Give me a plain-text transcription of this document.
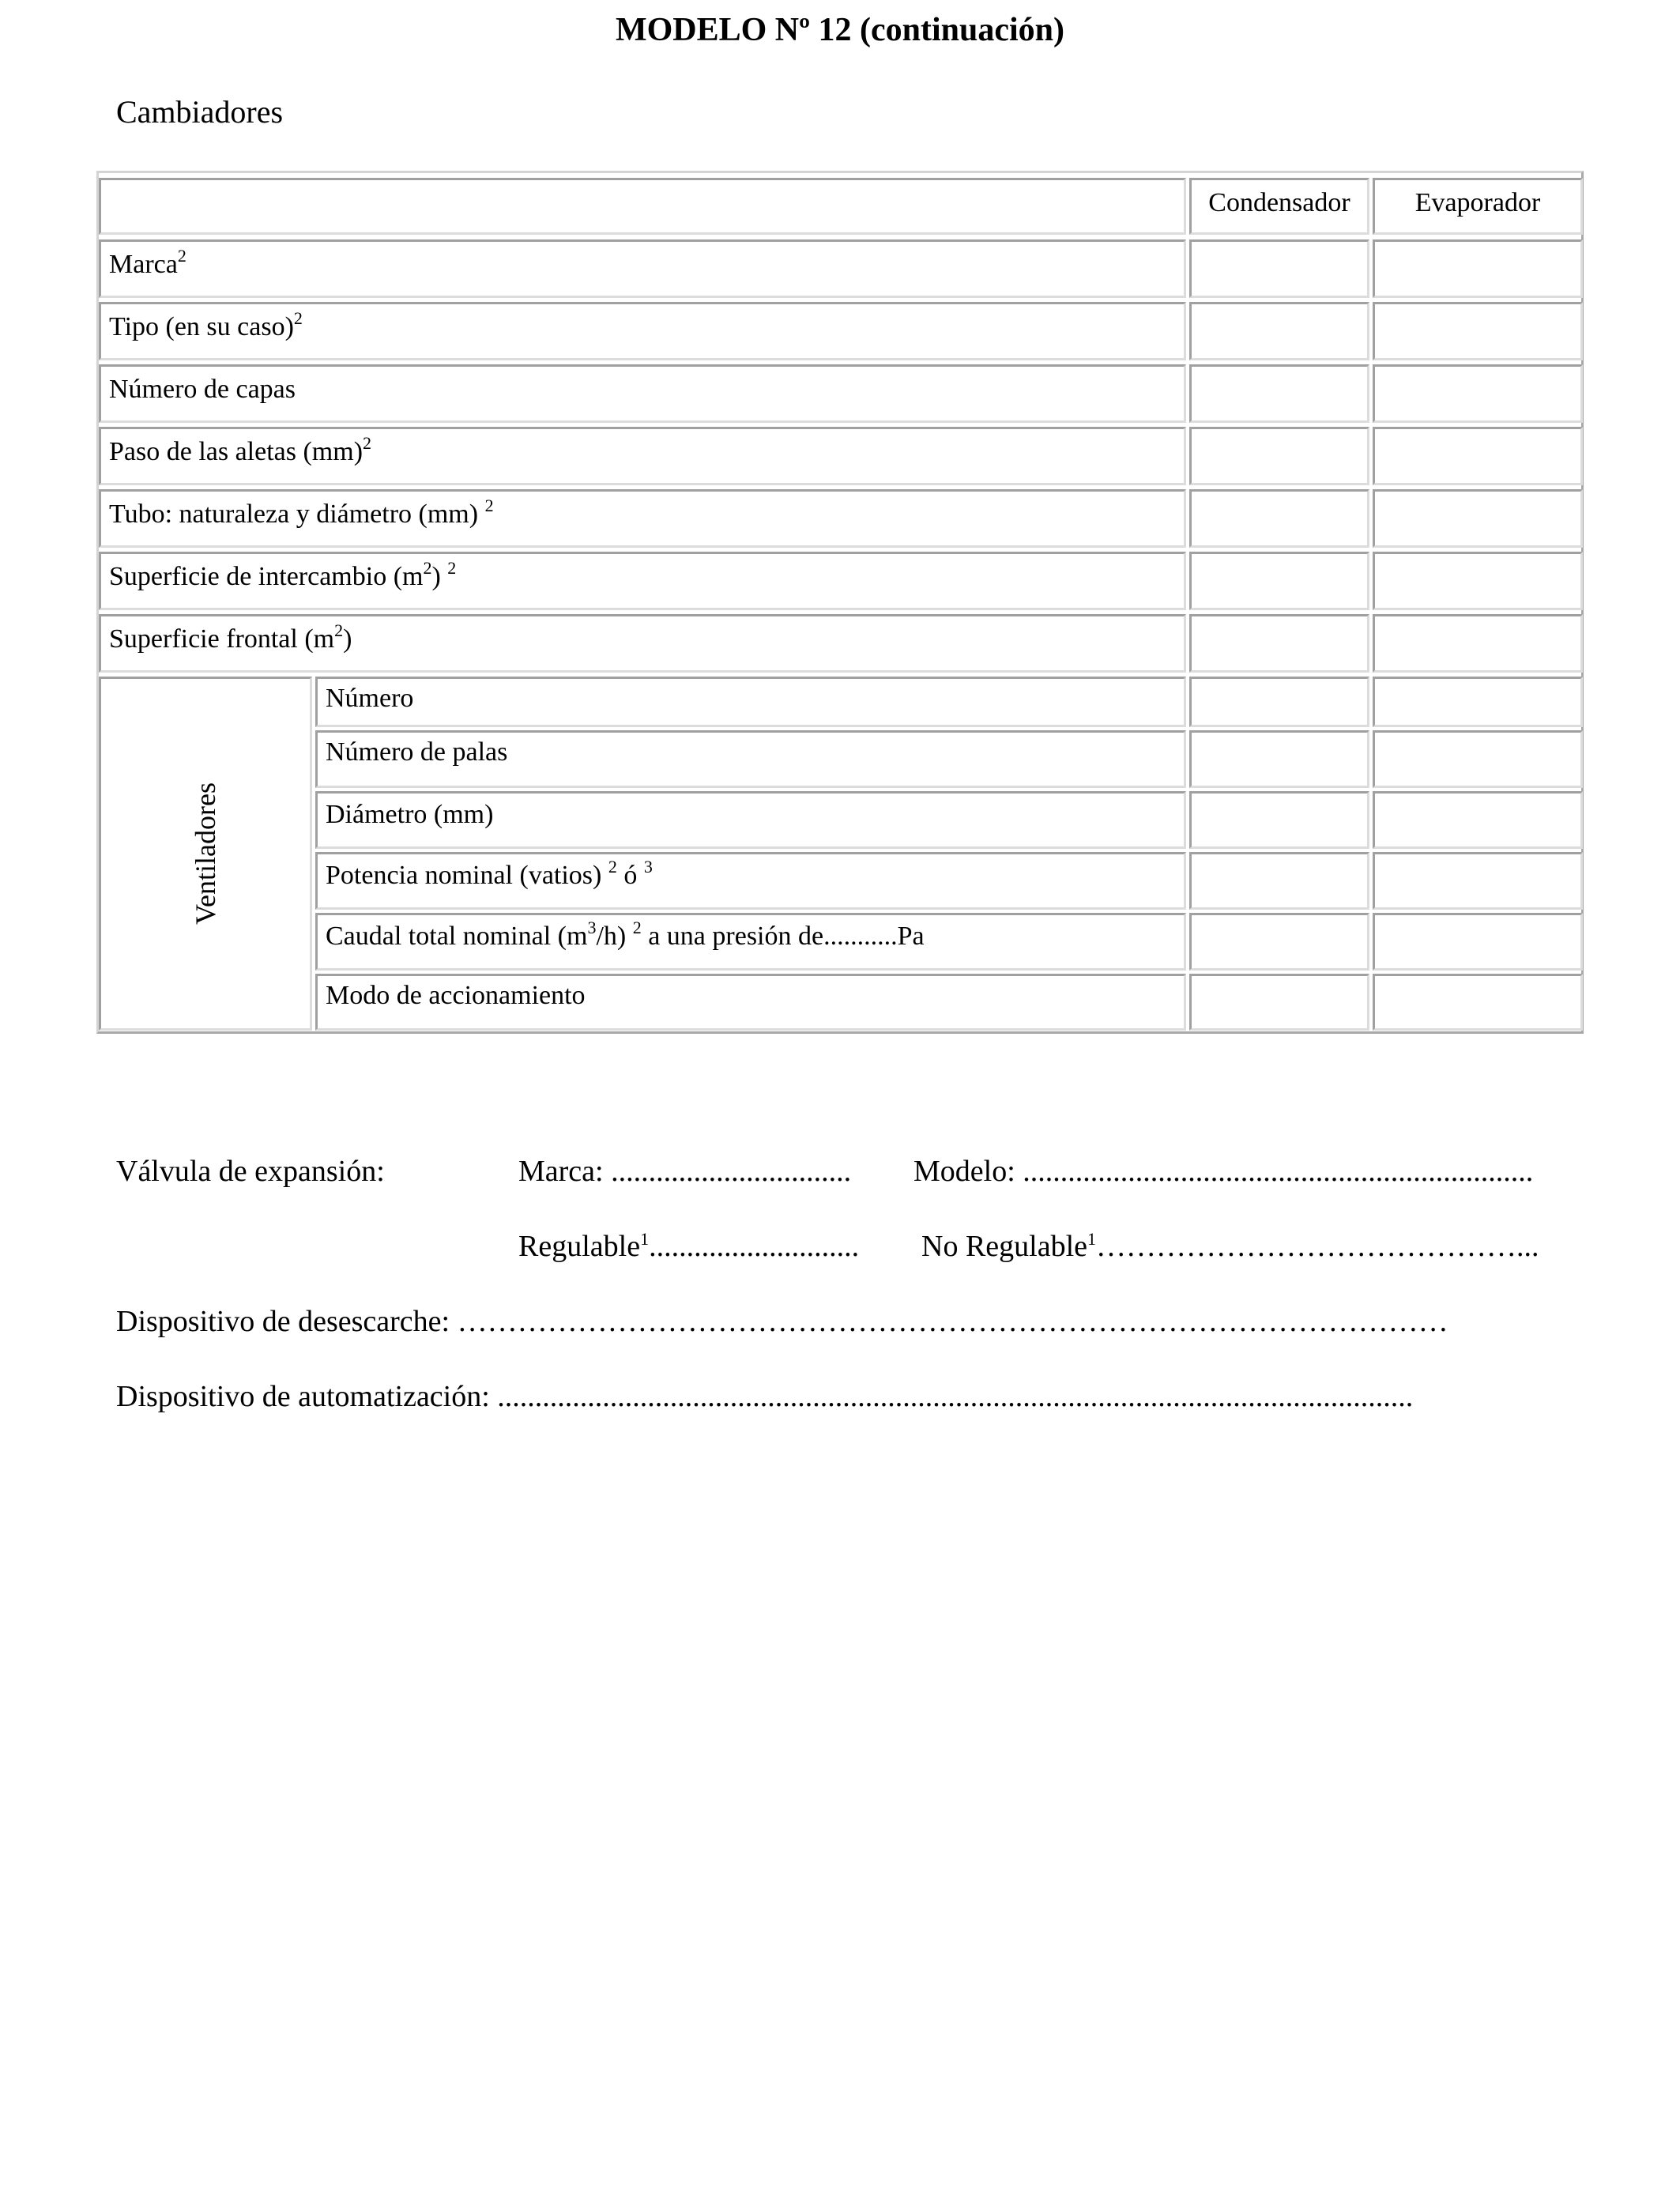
MODELO Nº 12 (continuación)
Cambiadores
Condensador	Evaporador
Marca$^2$
Tipo (en su caso)$^2$
Número de capas
Paso de las aletas (mm)$^2$
Tubo: naturaleza y diámetro (mm) $^2$
Superficie de intercambio $(m^2)$ $^2$
Superficie frontal $(m^2)$
Ventiladores
Número
Número de palas
Diámetro (mm)
Potencia nominal (vatios) $^2$ ó $^3$
Caudal total nominal $(m^3/h)$ $^2$ a una presión de...........Pa
Modo de accionamiento
Válvula de expansión:	Marca: ................................ Modelo: ....................................................................
Regulable$^1$............................ No Regulable$^1$……………………………………...
Dispositivo de desescarche: ………………………………………………………………………………………
Dispositivo de automatización: ..........................................................................................................................
